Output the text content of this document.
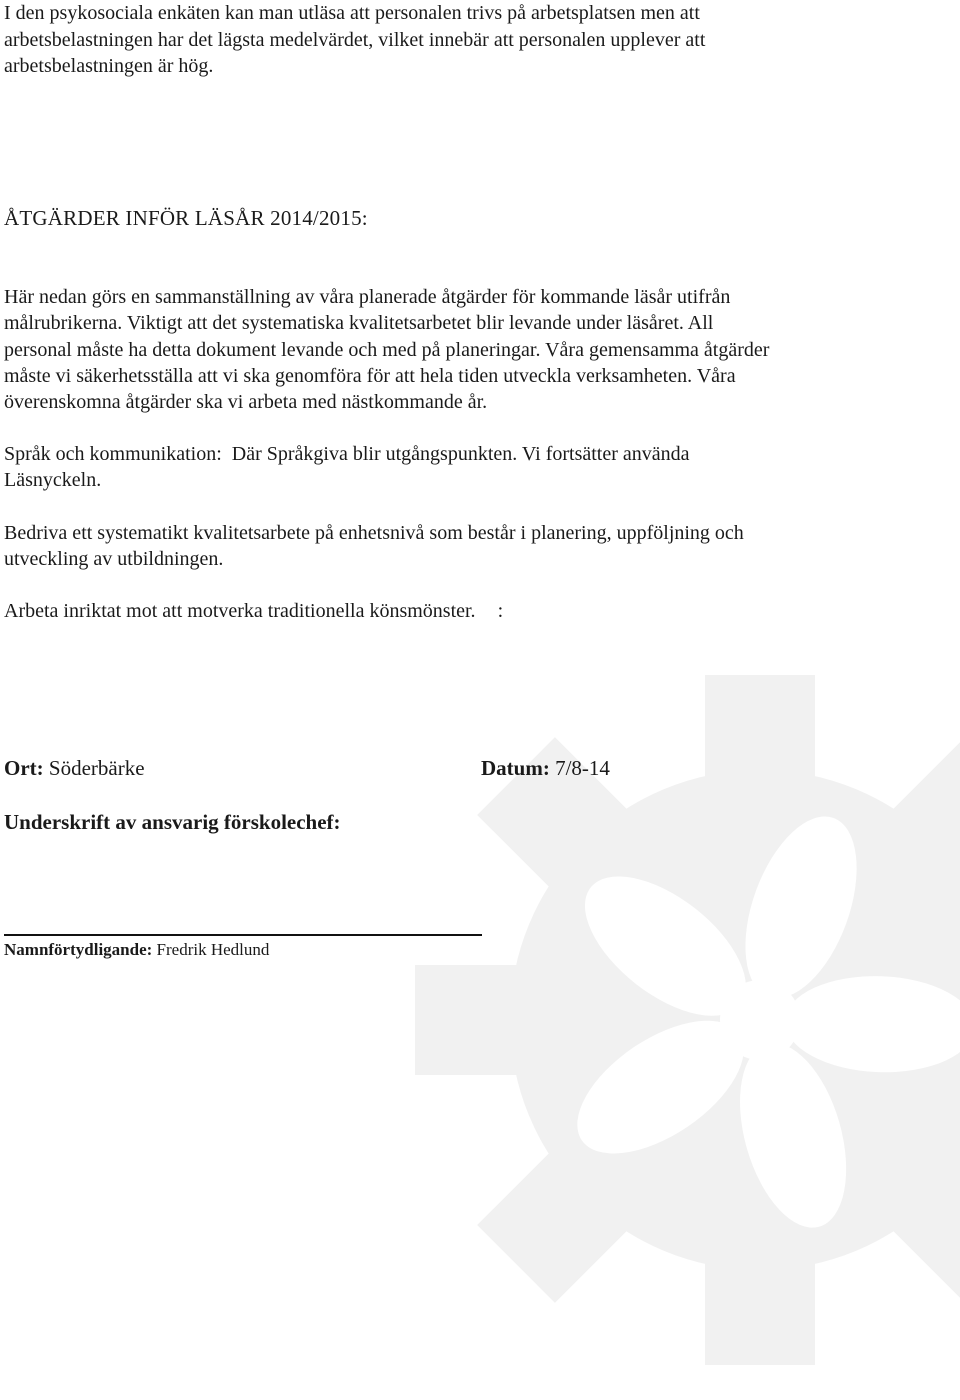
I den psykosociala enkäten kan man utläsa att personalen trivs på arbetsplatsen men att
arbetsbelastningen har det lägsta medelvärdet, vilket innebär att personalen upplever att
arbetsbelastningen är hög.
ÅTGÄRDER INFÖR LÄSÅR 2014/2015:
Här nedan görs en sammanställning av våra planerade åtgärder för kommande läsår utifrån
målrubrikerna. Viktigt att det systematiska kvalitetsarbetet blir levande under läsåret. All
personal måste ha detta dokument levande och med på planeringar. Våra gemensamma åtgärder
måste vi säkerhetsställa att vi ska genomföra för att hela tiden utveckla verksamheten. Våra
överenskomna åtgärder ska vi arbeta med nästkommande år.
Språk och kommunikation:  Där Språkgiva blir utgångspunkten. Vi fortsätter använda
Läsnyckeln.
Bedriva ett systematikt kvalitetsarbete på enhetsnivå som består i planering, uppföljning och
utveckling av utbildningen.
Arbeta inriktat mot att motverka traditionella könsmönster. :
Ort: Söderbärke	Datum: 7/8-14
Underskrift av ansvarig förskolechef:
Namnförtydligande: Fredrik Hedlund
